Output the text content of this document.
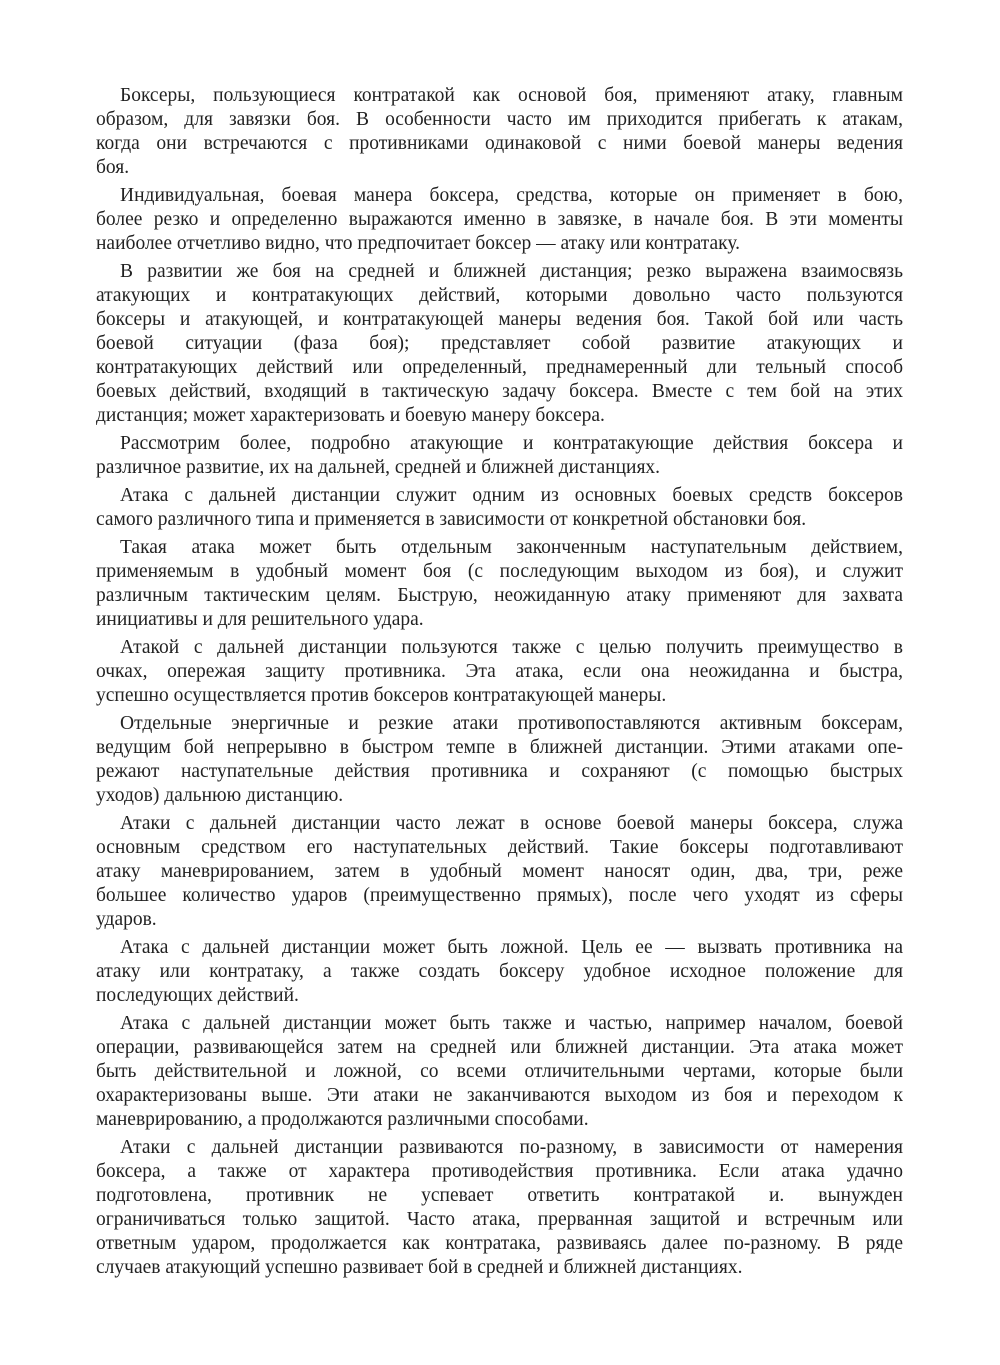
Боксеры, пользующиеся контратакой как основой боя, применяют атаку, главным
образом, для завязки боя. В особенности часто им приходится прибегать к атакам,
когда они встречаются с противниками одинаковой с ними боевой манеры ведения
боя.
Индивидуальная, боевая манера боксера, средства, которые он применяет в бою,
более резко и определенно выражаются именно в завязке, в начале боя. В эти моменты
наиболее отчетливо видно, что предпочитает боксер — атаку или контратаку.
В развитии же боя на средней и ближней дистанция; резко выражена взаимосвязь
атакующих и контратакующих действий, которыми довольно часто пользуются
боксеры и атакующей, и контратакующей манеры ведения боя. Такой бой или часть
боевой ситуации (фаза боя); представляет собой развитие атакующих и
контратакующих действий или определенный, преднамеренный дли тельный способ
боевых действий, входящий в тактическую задачу боксера. Вместе с тем бой на этих
дистанция; может характеризовать и боевую манеру боксера.
Рассмотрим более, подробно атакующие и контратакующие действия боксера и
различное развитие, их на дальней, средней и ближней дистанциях.
Атака с дальней дистанции служит одним из основных боевых средств боксеров
самого различного типа и применяется в зависимости от конкретной обстановки боя.
Такая атака может быть отдельным законченным наступательным действием,
применяемым в удобный момент боя (с последующим выходом из боя), и служит
различным тактическим целям. Быструю, неожиданную атаку применяют для захвата
инициативы и для решительного удара.
Атакой с дальней дистанции пользуются также с целью получить преимущество в
очках, опережая защиту противника. Эта атака, если она неожиданна и быстра,
успешно осуществляется против боксеров контратакующей манеры.
Отдельные энергичные и резкие атаки противопоставляются активным боксерам,
ведущим бой непрерывно в быстром темпе в ближней дистанции. Этими атаками опе-
режают наступательные действия противника и сохраняют (с помощью быстрых
уходов) дальнюю дистанцию.
Атаки с дальней дистанции часто лежат в основе боевой манеры боксера, служа
основным средством его наступательных действий. Такие боксеры подготавливают
атаку маневрированием, затем в удобный момент наносят один, два, три, реже
большее количество ударов (преимущественно прямых), после чего уходят из сферы
ударов.
Атака с дальней дистанции может быть ложной. Цель ее — вызвать противника на
атаку или контратаку, а также создать боксеру удобное исходное положение для
последующих действий.
Атака с дальней дистанции может быть также и частью, например началом, боевой
операции, развивающейся затем на средней или ближней дистанции. Эта атака может
быть действительной и ложной, со всеми отличительными чертами, которые были
охарактеризованы выше. Эти атаки не заканчиваются выходом из боя и переходом к
маневрированию, а продолжаются различными способами.
Атаки с дальней дистанции развиваются по-разному, в зависимости от намерения
боксера, а также от характера противодействия противника. Если атака удачно
подготовлена, противник не успевает ответить контратакой и. вынужден
ограничиваться только защитой. Часто атака, прерванная защитой и встречным или
ответным ударом, продолжается как контратака, развиваясь далее по-разному. В ряде
случаев атакующий успешно развивает бой в средней и ближней дистанциях.
